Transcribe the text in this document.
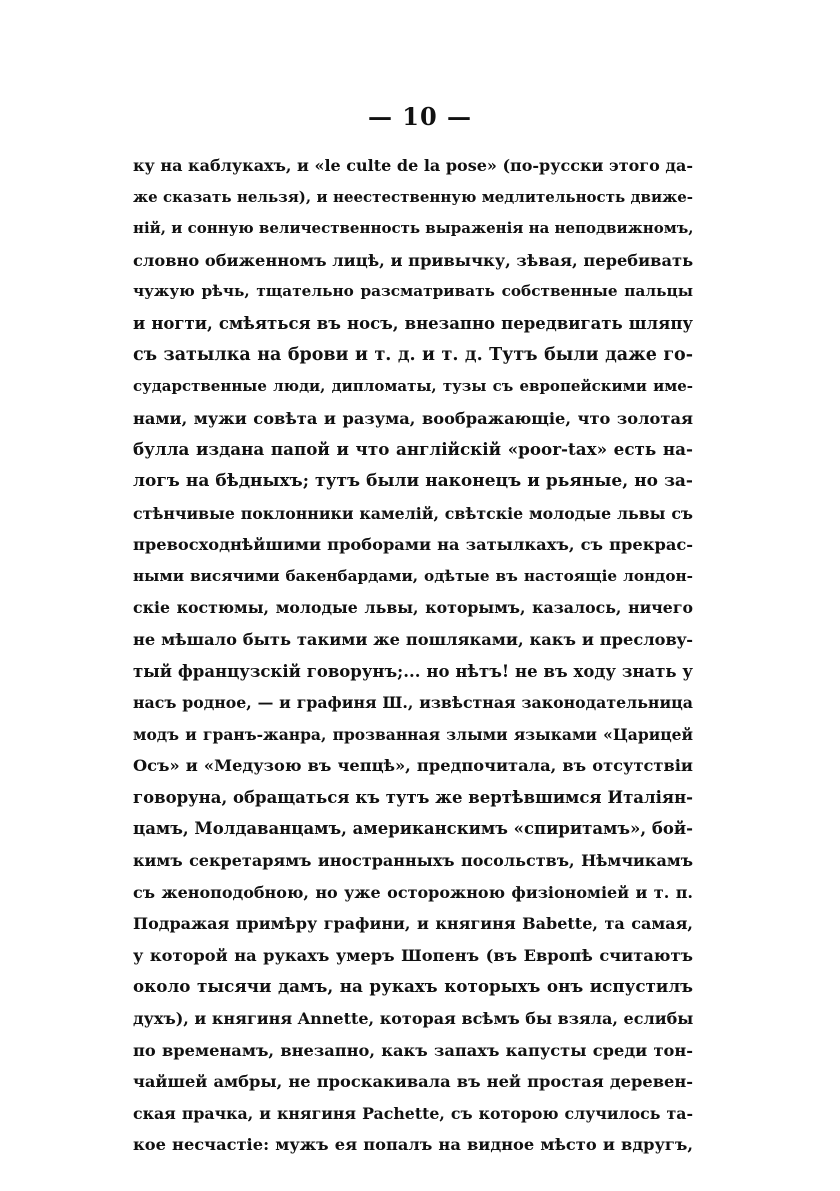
— 10 —
ку на каблукахъ, и «le culte de la pose» (по-русски этого да-
же сказать нельзя), и неестественную медлительность движе-
ній, и сонную величественность выраженія на неподвижномъ,
словно обиженномъ лицѣ, и привычку, зѣвая, перебивать
чужую рѣчь, тщательно разсматривать собственные пальцы
и ногти, смѣяться въ носъ, внезапно передвигать шляпу
съ затылка на брови и т. д. и т. д. Тутъ были даже го-
сударственные люди, дипломаты, тузы съ европейскими име-
нами, мужи совѣта и разума, воображающіе, что золотая
булла издана папой и что англійскій «poor-tax» есть на-
логъ на бѣдныхъ; тутъ были наконецъ и рьяные, но за-
стѣнчивые поклонники камелій, свѣтскіе молодые львы съ
превосходнѣйшими проборами на затылкахъ, съ прекрас-
ными висячими бакенбардами, одѣтые въ настоящіе лондон-
скіе костюмы, молодые львы, которымъ, казалось, ничего
не мѣшало быть такими же пошляками, какъ и пресловy-
тый французскій говорунъ;... но нѣтъ! не въ ходу знать у
насъ родное, — и графиня Ш., извѣстная законодательница
модъ и гранъ-жанра, прозванная злыми языками «Царицей
Осъ» и «Медузою въ чепцѣ», предпочитала, въ отсутствіи
говоруна, обращаться къ тутъ же вертѣвшимся Италіян-
цамъ, Молдаванцамъ, американскимъ «спиритамъ», бой-
кимъ секретарямъ иностранныхъ посольствъ, Нѣмчикамъ
съ женоподобною, но уже осторожною физіономіей и т. п.
Подражая примѣру графини, и княгиня Babette, та самая,
у которой на рукахъ умеръ Шопенъ (въ Европѣ считаютъ
около тысячи дамъ, на рукахъ которыхъ онъ испустилъ
духъ), и княгиня Annette, которая всѣмъ бы взяла, еслибы
по временамъ, внезапно, какъ запахъ капусты среди тон-
чайшей амбры, не проскакивала въ ней простая деревен-
ская прачка, и княгиня Pachette, съ которою случилось та-
кое несчастіе: мужъ ея попалъ на видное мѣсто и вдругъ,
